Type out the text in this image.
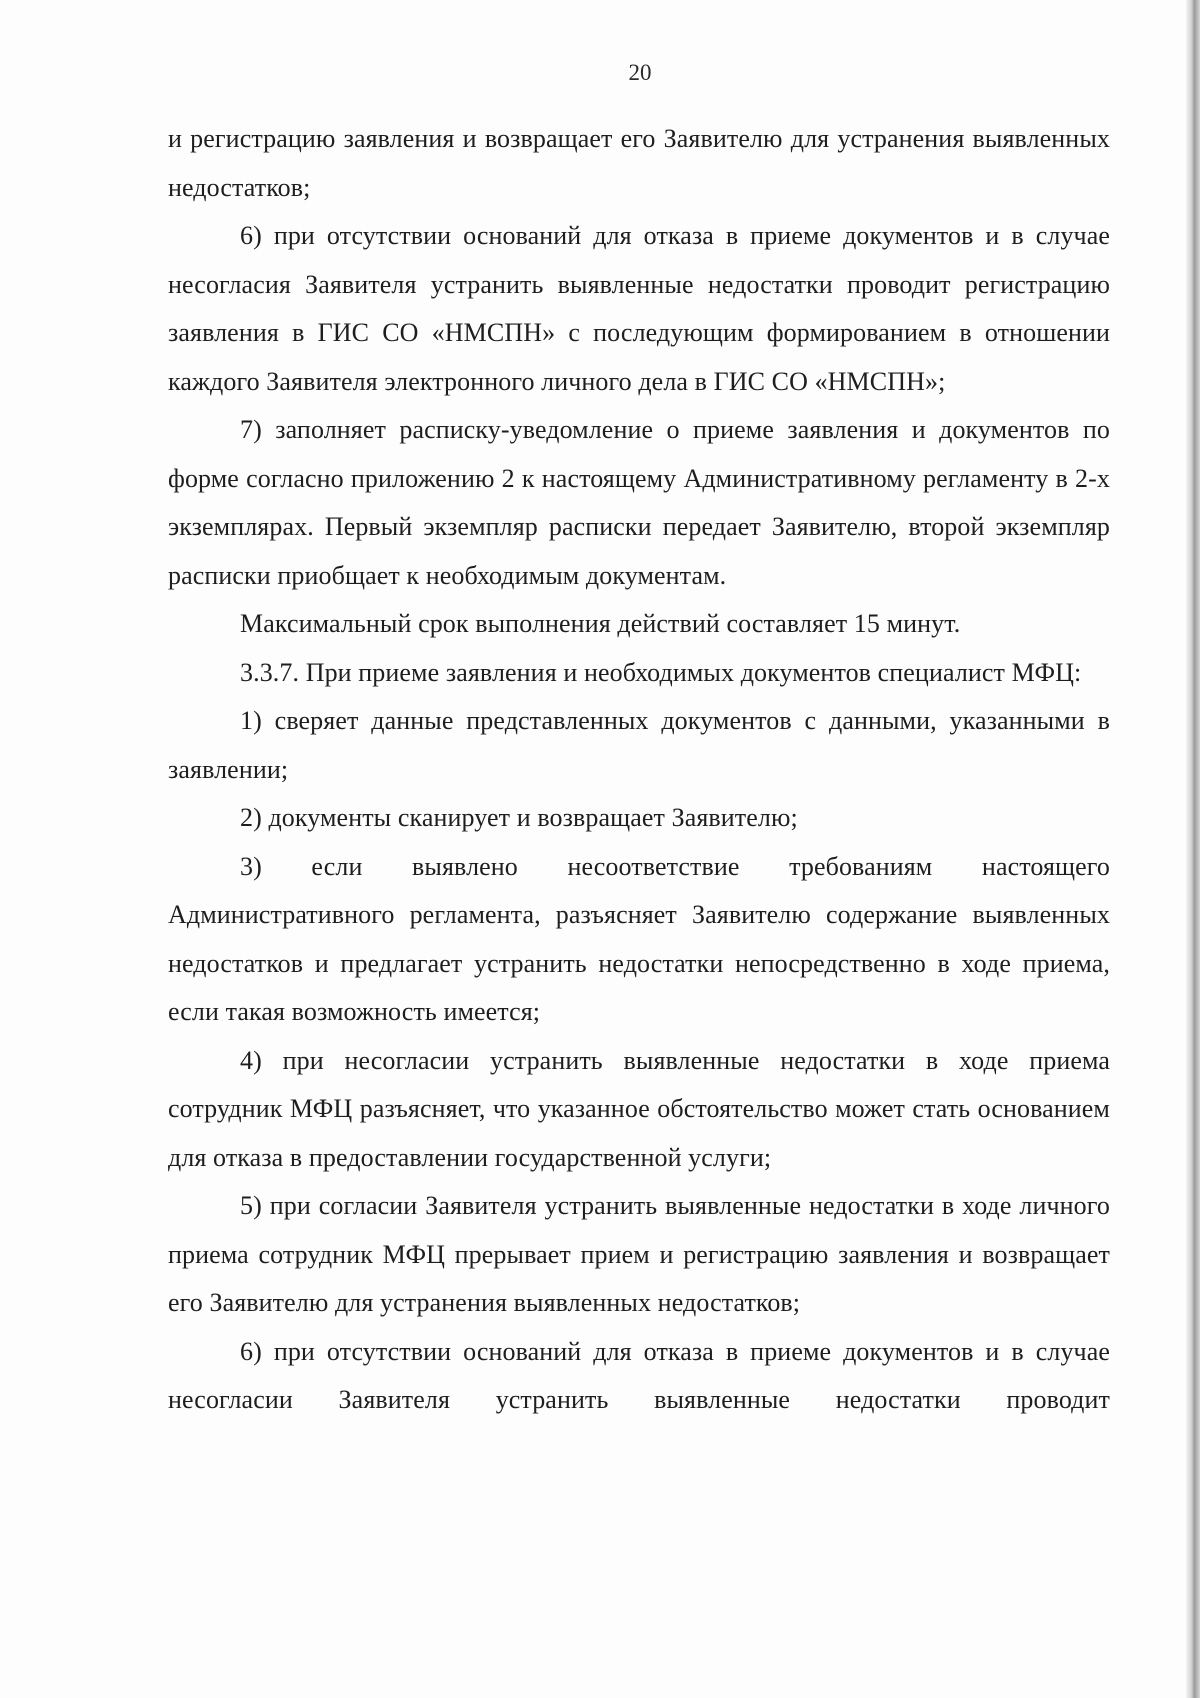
20

и регистрацию заявления и возвращает его Заявителю для устранения выявленных недостатков;

6) при отсутствии оснований для отказа в приеме документов и в случае несогласия Заявителя устранить выявленные недостатки проводит регистрацию заявления в ГИС СО «НМСПН» с последующим формированием в отношении каждого Заявителя электронного личного дела в ГИС СО «НМСПН»;

7) заполняет расписку-уведомление о приеме заявления и документов по форме согласно приложению 2 к настоящему Административному регламенту в 2-х экземплярах. Первый экземпляр расписки передает Заявителю, второй экземпляр расписки приобщает к необходимым документам.

Максимальный срок выполнения действий составляет 15 минут.

3.3.7. При приеме заявления и необходимых документов специалист МФЦ:

1) сверяет данные представленных документов с данными, указанными в заявлении;

2) документы сканирует и возвращает Заявителю;

3) если выявлено несоответствие требованиям настоящего Административного регламента, разъясняет Заявителю содержание выявленных недостатков и предлагает устранить недостатки непосредственно в ходе приема, если такая возможность имеется;

4) при несогласии устранить выявленные недостатки в ходе приема сотрудник МФЦ разъясняет, что указанное обстоятельство может стать основанием для отказа в предоставлении государственной услуги;

5) при согласии Заявителя устранить выявленные недостатки в ходе личного приема сотрудник МФЦ прерывает прием и регистрацию заявления и возвращает его Заявителю для устранения выявленных недостатков;

6) при отсутствии оснований для отказа в приеме документов и в случае несогласии Заявителя устранить выявленные недостатки проводит
